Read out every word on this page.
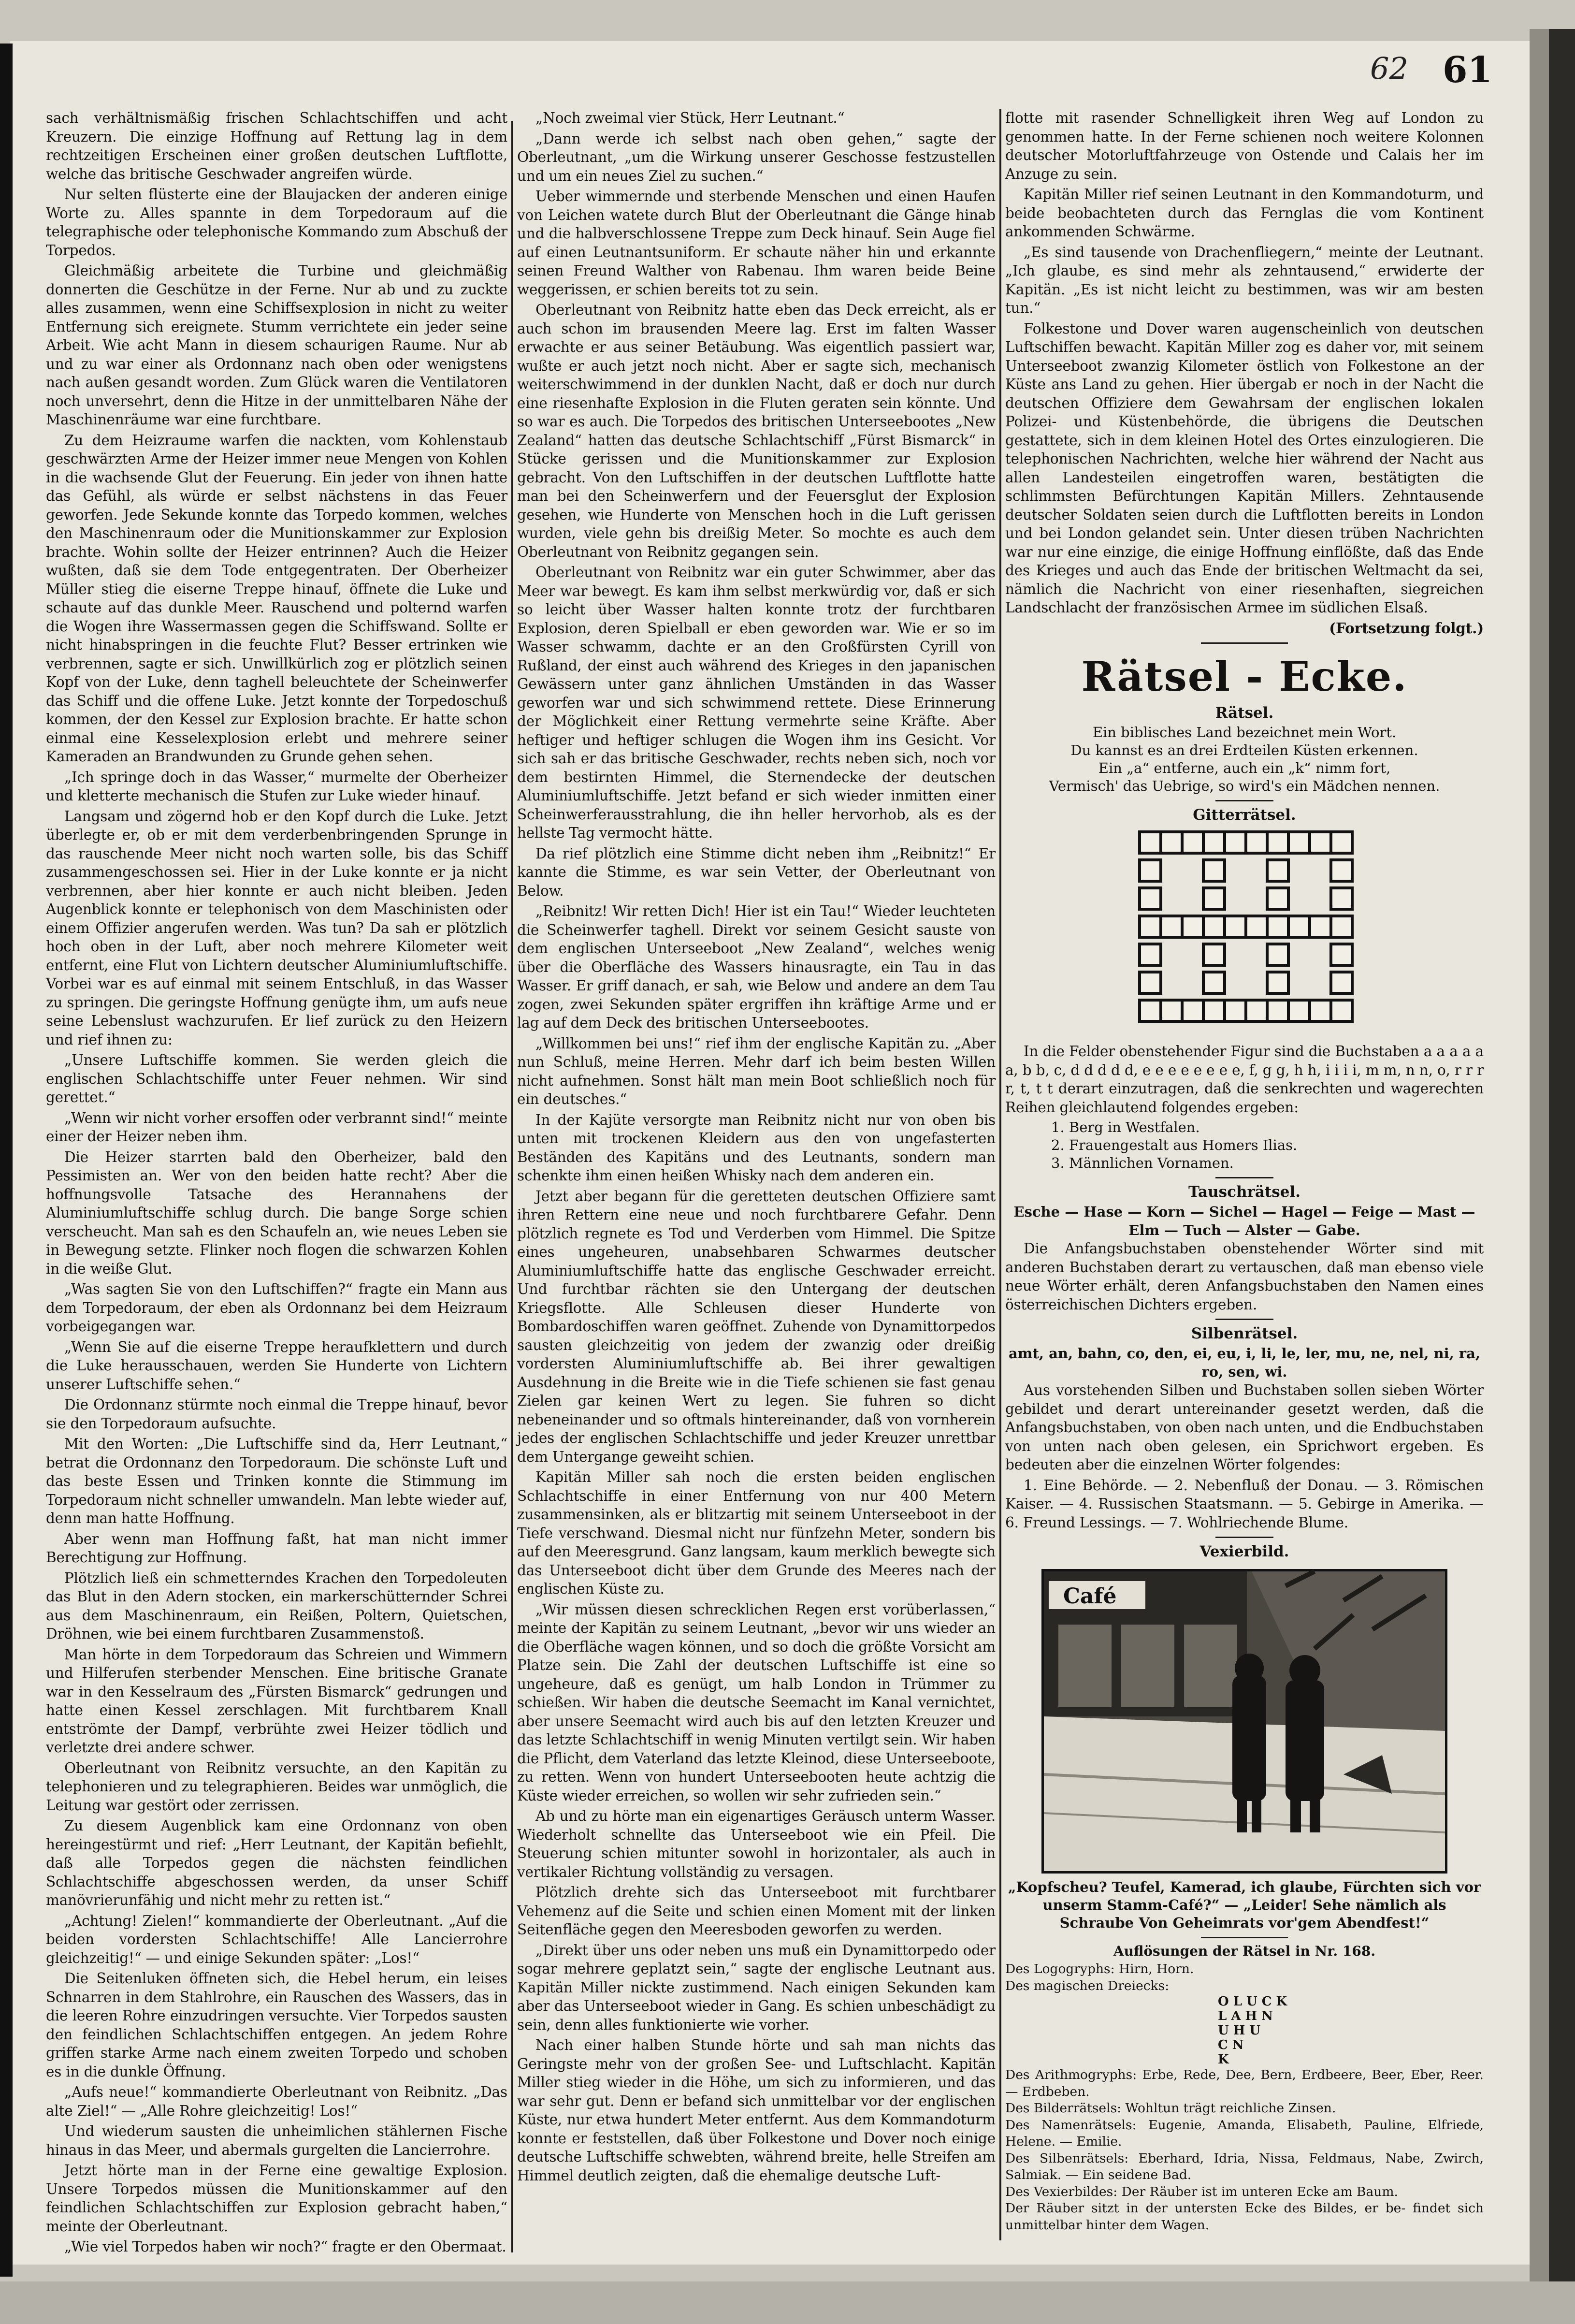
62 61

sach verhältnismäßig frischen Schlachtschiffen und acht Kreuzern. Die einzige Hoffnung auf Rettung lag in dem rechtzeitigen Erscheinen einer großen deutschen Luftflotte, welche das britische Geschwader angreifen würde.

Nur selten flüsterte eine der Blaujacken der anderen einige Worte zu. Alles spannte in dem Torpedoraum auf die telegraphische oder telephonische Kommando zum Abschuß der Torpedos.

Gleichmäßig arbeitete die Turbine und gleichmäßig donnerten die Geschütze in der Ferne. Nur ab und zu zuckte alles zusammen, wenn eine Schiffsexplosion in nicht zu weiter Entfernung sich ereignete. Stumm verrichtete ein jeder seine Arbeit. Wie acht Mann in diesem schaurigen Raume. Nur ab und zu war einer als Ordonnanz nach oben oder wenigstens nach außen gesandt worden. Zum Glück waren die Ventilatoren noch unversehrt, denn die Hitze in der unmittelbaren Nähe der Maschinenräume war eine furchtbare.

Zu dem Heizraume warfen die nackten, vom Kohlenstaub geschwärzten Arme der Heizer immer neue Mengen von Kohlen in die wachsende Glut der Feuerung. Ein jeder von ihnen hatte das Gefühl, als würde er selbst nächstens in das Feuer geworfen. Jede Sekunde konnte das Torpedo kommen, welches den Maschinenraum oder die Munitionskammer zur Explosion brachte. Wohin sollte der Heizer entrinnen? Auch die Heizer wußten, daß sie dem Tode entgegentraten. Der Oberheizer Müller stieg die eiserne Treppe hinauf, öffnete die Luke und schaute auf das dunkle Meer. Rauschend und polternd warfen die Wogen ihre Wassermassen gegen die Schiffswand. Sollte er nicht hinabspringen in die feuchte Flut? Besser ertrinken wie verbrennen, sagte er sich. Unwillkürlich zog er plötzlich seinen Kopf von der Luke, denn taghell beleuchtete der Scheinwerfer das Schiff und die offene Luke. Jetzt konnte der Torpedoschuß kommen, der den Kessel zur Explosion brachte. Er hatte schon einmal eine Kesselexplosion erlebt und mehrere seiner Kameraden an Brandwunden zu Grunde gehen sehen.

„Ich springe doch in das Wasser,“ murmelte der Oberheizer und kletterte mechanisch die Stufen zur Luke wieder hinauf.

Langsam und zögernd hob er den Kopf durch die Luke. Jetzt überlegte er, ob er mit dem verderbenbringenden Sprunge in das rauschende Meer nicht noch warten solle, bis das Schiff zusammengeschossen sei. Hier in der Luke konnte er ja nicht verbrennen, aber hier konnte er auch nicht bleiben. Jeden Augenblick konnte er telephonisch von dem Maschinisten oder einem Offizier angerufen werden. Was tun? Da sah er plötzlich hoch oben in der Luft, aber noch mehrere Kilometer weit entfernt, eine Flut von Lichtern deutscher Aluminiumluftschiffe. Vorbei war es auf einmal mit seinem Entschluß, in das Wasser zu springen. Die geringste Hoffnung genügte ihm, um aufs neue seine Lebenslust wachzurufen. Er lief zurück zu den Heizern und rief ihnen zu:

„Unsere Luftschiffe kommen. Sie werden gleich die englischen Schlachtschiffe unter Feuer nehmen. Wir sind gerettet.“

„Wenn wir nicht vorher ersoffen oder verbrannt sind!“ meinte einer der Heizer neben ihm.

Die Heizer starrten bald den Oberheizer, bald den Pessimisten an. Wer von den beiden hatte recht? Aber die hoffnungsvolle Tatsache des Herannahens der Aluminiumluftschiffe schlug durch. Die bange Sorge schien verscheucht. Man sah es den Schaufeln an, wie neues Leben sie in Bewegung setzte. Flinker noch flogen die schwarzen Kohlen in die weiße Glut.

„Was sagten Sie von den Luftschiffen?“ fragte ein Mann aus dem Torpedoraum, der eben als Ordonnanz bei dem Heizraum vorbeigegangen war.

„Wenn Sie auf die eiserne Treppe heraufklettern und durch die Luke herausschauen, werden Sie Hunderte von Lichtern unserer Luftschiffe sehen.“

Die Ordonnanz stürmte noch einmal die Treppe hinauf, bevor sie den Torpedoraum aufsuchte.

Mit den Worten: „Die Luftschiffe sind da, Herr Leutnant,“ betrat die Ordonnanz den Torpedoraum. Die schönste Luft und das beste Essen und Trinken konnte die Stimmung im Torpedoraum nicht schneller umwandeln. Man lebte wieder auf, denn man hatte Hoffnung.

Aber wenn man Hoffnung faßt, hat man nicht immer Berechtigung zur Hoffnung.

Plötzlich ließ ein schmetterndes Krachen den Torpedoleuten das Blut in den Adern stocken, ein markerschütternder Schrei aus dem Maschinenraum, ein Reißen, Poltern, Quietschen, Dröhnen, wie bei einem furchtbaren Zusammenstoß.

Man hörte in dem Torpedoraum das Schreien und Wimmern und Hilferufen sterbender Menschen. Eine britische Granate war in den Kesselraum des „Fürsten Bismarck“ gedrungen und hatte einen Kessel zerschlagen. Mit furchtbarem Knall entströmte der Dampf, verbrühte zwei Heizer tödlich und verletzte drei andere schwer.

Oberleutnant von Reibnitz versuchte, an den Kapitän zu telephonieren und zu telegraphieren. Beides war unmöglich, die Leitung war gestört oder zerrissen.

Zu diesem Augenblick kam eine Ordonnanz von oben hereingestürmt und rief: „Herr Leutnant, der Kapitän befiehlt, daß alle Torpedos gegen die nächsten feindlichen Schlachtschiffe abgeschossen werden, da unser Schiff manövrierunfähig und nicht mehr zu retten ist.“

„Achtung! Zielen!“ kommandierte der Oberleutnant. „Auf die beiden vordersten Schlachtschiffe! Alle Lancierrohre gleichzeitig!“ — und einige Sekunden später: „Los!“

Die Seitenluken öffneten sich, die Hebel herum, ein leises Schnarren in dem Stahlrohre, ein Rauschen des Wassers, das in die leeren Rohre einzudringen versuchte. Vier Torpedos sausten den feindlichen Schlachtschiffen entgegen. An jedem Rohre griffen starke Arme nach einem zweiten Torpedo und schoben es in die dunkle Öffnung.

„Aufs neue!“ kommandierte Oberleutnant von Reibnitz. „Das alte Ziel!“ — „Alle Rohre gleichzeitig! Los!“

Und wiederum sausten die unheimlichen stählernen Fische hinaus in das Meer, und abermals gurgelten die Lancierrohre.

Jetzt hörte man in der Ferne eine gewaltige Explosion. Unsere Torpedos müssen die Munitionskammer auf den feindlichen Schlachtschiffen zur Explosion gebracht haben,“ meinte der Oberleutnant.

„Wie viel Torpedos haben wir noch?“ fragte er den Obermaat.

„Noch zweimal vier Stück, Herr Leutnant.“

„Dann werde ich selbst nach oben gehen,“ sagte der Oberleutnant, „um die Wirkung unserer Geschosse festzustellen und um ein neues Ziel zu suchen.“

Ueber wimmernde und sterbende Menschen und einen Haufen von Leichen watete durch Blut der Oberleutnant die Gänge hinab und die halbverschlossene Treppe zum Deck hinauf. Sein Auge fiel auf einen Leutnantsuniform. Er schaute näher hin und erkannte seinen Freund Walther von Rabenau. Ihm waren beide Beine weggerissen, er schien bereits tot zu sein.

Oberleutnant von Reibnitz hatte eben das Deck erreicht, als er auch schon im brausenden Meere lag. Erst im falten Wasser erwachte er aus seiner Betäubung. Was eigentlich passiert war, wußte er auch jetzt noch nicht. Aber er sagte sich, mechanisch weiterschwimmend in der dunklen Nacht, daß er doch nur durch eine riesenhafte Explosion in die Fluten geraten sein könnte. Und so war es auch. Die Torpedos des britischen Unterseebootes „New Zealand“ hatten das deutsche Schlachtschiff „Fürst Bismarck“ in Stücke gerissen und die Munitionskammer zur Explosion gebracht. Von den Luftschiffen in der deutschen Luftflotte hatte man bei den Scheinwerfern und der Feuersglut der Explosion gesehen, wie Hunderte von Menschen hoch in die Luft gerissen wurden, viele gehn bis dreißig Meter. So mochte es auch dem Oberleutnant von Reibnitz gegangen sein.

Oberleutnant von Reibnitz war ein guter Schwimmer, aber das Meer war bewegt. Es kam ihm selbst merkwürdig vor, daß er sich so leicht über Wasser halten konnte trotz der furchtbaren Explosion, deren Spielball er eben geworden war. Wie er so im Wasser schwamm, dachte er an den Großfürsten Cyrill von Rußland, der einst auch während des Krieges in den japanischen Gewässern unter ganz ähnlichen Umständen in das Wasser geworfen war und sich schwimmend rettete. Diese Erinnerung der Möglichkeit einer Rettung vermehrte seine Kräfte. Aber heftiger und heftiger schlugen die Wogen ihm ins Gesicht. Vor sich sah er das britische Geschwader, rechts neben sich, noch vor dem bestirnten Himmel, die Sternendecke der deutschen Aluminiumluftschiffe. Jetzt befand er sich wieder inmitten einer Scheinwerferausstrahlung, die ihn heller hervorhob, als es der hellste Tag vermocht hätte.

Da rief plötzlich eine Stimme dicht neben ihm „Reibnitz!“ Er kannte die Stimme, es war sein Vetter, der Oberleutnant von Below.

„Reibnitz! Wir retten Dich! Hier ist ein Tau!“ Wieder leuchteten die Scheinwerfer taghell. Direkt vor seinem Gesicht sauste von dem englischen Unterseeboot „New Zealand“, welches wenig über die Oberfläche des Wassers hinausragte, ein Tau in das Wasser. Er griff danach, er sah, wie Below und andere an dem Tau zogen, zwei Sekunden später ergriffen ihn kräftige Arme und er lag auf dem Deck des britischen Unterseebootes.

„Willkommen bei uns!“ rief ihm der englische Kapitän zu. „Aber nun Schluß, meine Herren. Mehr darf ich beim besten Willen nicht aufnehmen. Sonst hält man mein Boot schließlich noch für ein deutsches.“

In der Kajüte versorgte man Reibnitz nicht nur von oben bis unten mit trockenen Kleidern aus den von ungefasterten Beständen des Kapitäns und des Leutnants, sondern man schenkte ihm einen heißen Whisky nach dem anderen ein.

Jetzt aber begann für die geretteten deutschen Offiziere samt ihren Rettern eine neue und noch furchtbarere Gefahr. Denn plötzlich regnete es Tod und Verderben vom Himmel. Die Spitze eines ungeheuren, unabsehbaren Schwarmes deutscher Aluminiumluftschiffe hatte das englische Geschwader erreicht. Und furchtbar rächten sie den Untergang der deutschen Kriegsflotte. Alle Schleusen dieser Hunderte von Bombardoschiffen waren geöffnet. Zuhende von Dynamittorpedos sausten gleichzeitig von jedem der zwanzig oder dreißig vordersten Aluminiumluftschiffe ab. Bei ihrer gewaltigen Ausdehnung in die Breite wie in die Tiefe schienen sie fast genau Zielen gar keinen Wert zu legen. Sie fuhren so dicht nebeneinander und so oftmals hintereinander, daß von vornherein jedes der englischen Schlachtschiffe und jeder Kreuzer unrettbar dem Untergange geweiht schien.

Kapitän Miller sah noch die ersten beiden englischen Schlachtschiffe in einer Entfernung von nur 400 Metern zusammensinken, als er blitzartig mit seinem Unterseeboot in der Tiefe verschwand. Diesmal nicht nur fünfzehn Meter, sondern bis auf den Meeresgrund. Ganz langsam, kaum merklich bewegte sich das Unterseeboot dicht über dem Grunde des Meeres nach der englischen Küste zu.

„Wir müssen diesen schrecklichen Regen erst vorüberlassen,“ meinte der Kapitän zu seinem Leutnant, „bevor wir uns wieder an die Oberfläche wagen können, und so doch die größte Vorsicht am Platze sein. Die Zahl der deutschen Luftschiffe ist eine so ungeheure, daß es genügt, um halb London in Trümmer zu schießen. Wir haben die deutsche Seemacht im Kanal vernichtet, aber unsere Seemacht wird auch bis auf den letzten Kreuzer und das letzte Schlachtschiff in wenig Minuten vertilgt sein. Wir haben die Pflicht, dem Vaterland das letzte Kleinod, diese Unterseeboote, zu retten. Wenn von hundert Unterseebooten heute achtzig die Küste wieder erreichen, so wollen wir sehr zufrieden sein.“

Ab und zu hörte man ein eigenartiges Geräusch unterm Wasser. Wiederholt schnellte das Unterseeboot wie ein Pfeil. Die Steuerung schien mitunter sowohl in horizontaler, als auch in vertikaler Richtung vollständig zu versagen.

Plötzlich drehte sich das Unterseeboot mit furchtbarer Vehemenz auf die Seite und schien einen Moment mit der linken Seitenfläche gegen den Meeresboden geworfen zu werden.

„Direkt über uns oder neben uns muß ein Dynamittorpedo oder sogar mehrere geplatzt sein,“ sagte der englische Leutnant aus. Kapitän Miller nickte zustimmend. Nach einigen Sekunden kam aber das Unterseeboot wieder in Gang. Es schien unbeschädigt zu sein, denn alles funktionierte wie vorher.

Nach einer halben Stunde hörte und sah man nichts das Geringste mehr von der großen See- und Luftschlacht. Kapitän Miller stieg wieder in die Höhe, um sich zu informieren, und das war sehr gut. Denn er befand sich unmittelbar vor der englischen Küste, nur etwa hundert Meter entfernt. Aus dem Kommandoturm konnte er feststellen, daß über Folkestone und Dover noch einige deutsche Luftschiffe schwebten, während breite, helle Streifen am Himmel deutlich zeigten, daß die ehemalige deutsche Luft-

flotte mit rasender Schnelligkeit ihren Weg auf London zu genommen hatte. In der Ferne schienen noch weitere Kolonnen deutscher Motorluftfahrzeuge von Ostende und Calais her im Anzuge zu sein.

Kapitän Miller rief seinen Leutnant in den Kommandoturm, und beide beobachteten durch das Fernglas die vom Kontinent ankommenden Schwärme.

„Es sind tausende von Drachenfliegern,“ meinte der Leutnant. „Ich glaube, es sind mehr als zehntausend,“ erwiderte der Kapitän. „Es ist nicht leicht zu bestimmen, was wir am besten tun.“

Folkestone und Dover waren augenscheinlich von deutschen Luftschiffen bewacht. Kapitän Miller zog es daher vor, mit seinem Unterseeboot zwanzig Kilometer östlich von Folkestone an der Küste ans Land zu gehen. Hier übergab er noch in der Nacht die deutschen Offiziere dem Gewahrsam der englischen lokalen Polizei- und Küstenbehörde, die übrigens die Deutschen gestattete, sich in dem kleinen Hotel des Ortes einzulogieren. Die telephonischen Nachrichten, welche hier während der Nacht aus allen Landesteilen eingetroffen waren, bestätigten die schlimmsten Befürchtungen Kapitän Millers. Zehntausende deutscher Soldaten seien durch die Luftflotten bereits in London und bei London gelandet sein. Unter diesen trüben Nachrichten war nur eine einzige, die einige Hoffnung einflößte, daß das Ende des Krieges und auch das Ende der britischen Weltmacht da sei, nämlich die Nachricht von einer riesenhaften, siegreichen Landschlacht der französischen Armee im südlichen Elsaß.

(Fortsetzung folgt.)

Rätsel - Ecke.
Rätsel.

Ein biblisches Land bezeichnet mein Wort.

Du kannst es an drei Erdteilen Küsten erkennen.

Ein „a“ entferne, auch ein „k“ nimm fort,

Vermisch' das Uebrige, so wird's ein Mädchen nennen.

Gitterrätsel.

In die Felder obenstehender Figur sind die Buchstaben a a a a a a, b b, c, d d d d d, e e e e e e e e, f, g g, h h, i i i i, m m, n n, o, r r r r, t, t t derart einzutragen, daß die senkrechten und wagerechten Reihen gleichlautend folgendes ergeben:

1. Berg in Westfalen.

2. Frauengestalt aus Homers Ilias.

3. Männlichen Vornamen.

Tauschrätsel.

Esche — Hase — Korn — Sichel — Hagel — Feige — Mast — Elm — Tuch — Alster — Gabe.

Die Anfangsbuchstaben obenstehender Wörter sind mit anderen Buchstaben derart zu vertauschen, daß man ebenso viele neue Wörter erhält, deren Anfangsbuchstaben den Namen eines österreichischen Dichters ergeben.

Silbenrätsel.

amt, an, bahn, co, den, ei, eu, i, li, le, ler, mu, ne, nel, ni, ra, ro, sen, wi.

Aus vorstehenden Silben und Buchstaben sollen sieben Wörter gebildet und derart untereinander gesetzt werden, daß die Anfangsbuchstaben, von oben nach unten, und die Endbuchstaben von unten nach oben gelesen, ein Sprichwort ergeben. Es bedeuten aber die einzelnen Wörter folgendes:

1. Eine Behörde. — 2. Nebenfluß der Donau. — 3. Römischen Kaiser. — 4. Russischen Staatsmann. — 5. Gebirge in Amerika. — 6. Freund Lessings. — 7. Wohlriechende Blume.

Vexierbild.
Café

„Kopfscheu? Teufel, Kamerad, ich glaube, Fürchten sich vor unserm Stamm-Café?“ — „Leider! Sehe nämlich als Schraube Von Geheimrats vor'gem Abendfest!“

Auflösungen der Rätsel in Nr. 168.

Des Logogryphs: Hirn, Horn.

Des magischen Dreiecks:

O L U C K
L A H N
U H U
C N
K

Des Arithmogryphs: Erbe, Rede, Dee, Bern, Erdbeere, Beer, Eber, Reer. — Erdbeben.

Des Bilderrätsels: Wohltun trägt reichliche Zinsen.

Des Namenrätsels: Eugenie, Amanda, Elisabeth, Pauline, Elfriede, Helene. — Emilie.

Des Silbenrätsels: Eberhard, Idria, Nissa, Feldmaus, Nabe, Zwirch, Salmiak. — Ein seidene Bad.

Des Vexierbildes: Der Räuber ist im unteren Ecke am Baum.

Der Räuber sitzt in der untersten Ecke des Bildes, er be- findet sich unmittelbar hinter dem Wagen.
